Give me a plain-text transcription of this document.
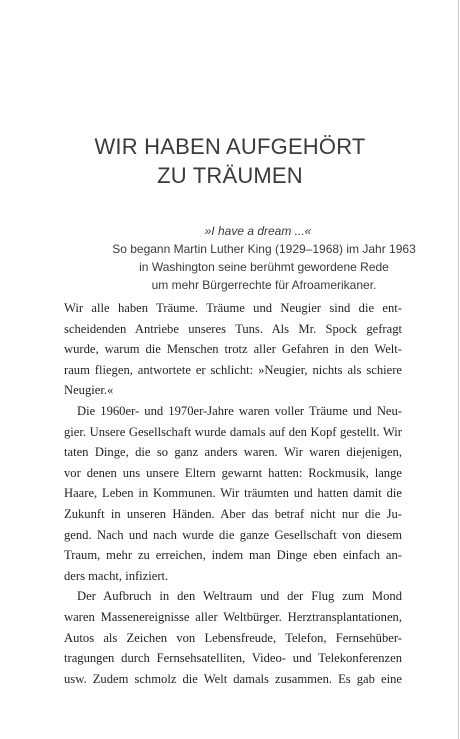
WIR HABEN AUFGEHÖRT
ZU TRÄUMEN
»I have a dream ...«
So begann Martin Luther King (1929–1968) im Jahr 1963
in Washington seine berühmt gewordene Rede
um mehr Bürgerrechte für Afroamerikaner.

Wir alle haben Träume. Träume und Neugier sind die ent-
scheidenden Antriebe unseres Tuns. Als Mr. Spock gefragt
wurde, warum die Menschen trotz aller Gefahren in den Welt-
raum fliegen, antwortete er schlicht: »Neugier, nichts als schiere
Neugier.«

Die 1960er- und 1970er-Jahre waren voller Träume und Neu-
gier. Unsere Gesellschaft wurde damals auf den Kopf gestellt. Wir
taten Dinge, die so ganz anders waren. Wir waren diejenigen,
vor denen uns unsere Eltern gewarnt hatten: Rockmusik, lange
Haare, Leben in Kommunen. Wir träumten und hatten damit die
Zukunft in unseren Händen. Aber das betraf nicht nur die Ju-
gend. Nach und nach wurde die ganze Gesellschaft von diesem
Traum, mehr zu erreichen, indem man Dinge eben einfach an-
ders macht, infiziert.

Der Aufbruch in den Weltraum und der Flug zum Mond
waren Massenereignisse aller Weltbürger. Herztransplantationen,
Autos als Zeichen von Lebensfreude, Telefon, Fernsehüber-
tragungen durch Fernsehsatelliten, Video- und Telekonferenzen
usw. Zudem schmolz die Welt damals zusammen. Es gab eine
